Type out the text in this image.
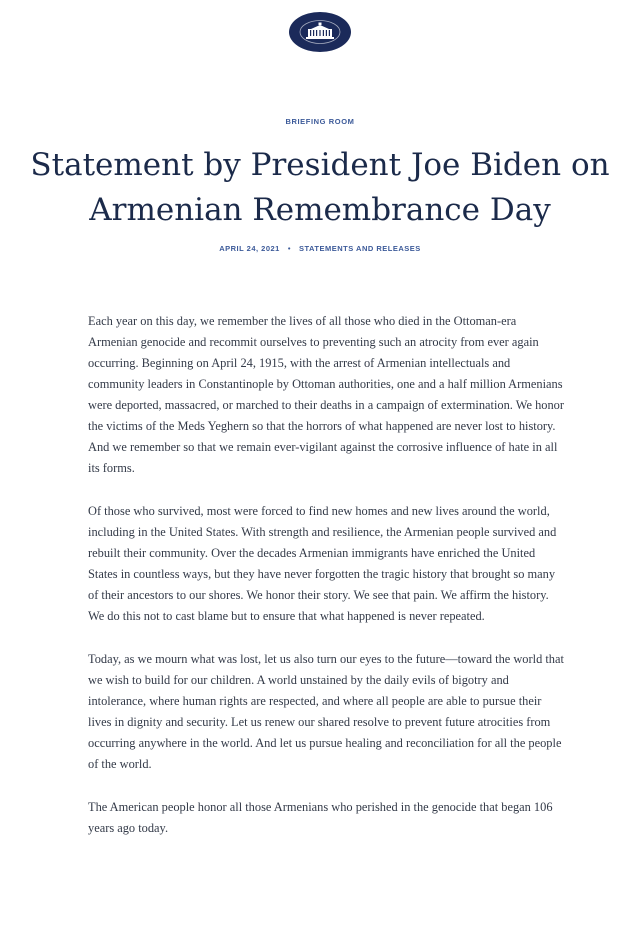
BRIEFING ROOM
Statement by President Joe Biden on
Armenian Remembrance Day
APRIL 24, 2021 • STATEMENTS AND RELEASES

Each year on this day, we remember the lives of all those who died in the Ottoman-era Armenian genocide and recommit ourselves to preventing such an atrocity from ever again occurring. Beginning on April 24, 1915, with the arrest of Armenian intellectuals and community leaders in Constantinople by Ottoman authorities, one and a half million Armenians were deported, massacred, or marched to their deaths in a campaign of extermination. We honor the victims of the Meds Yeghern so that the horrors of what happened are never lost to history. And we remember so that we remain ever-vigilant against the corrosive influence of hate in all its forms.

Of those who survived, most were forced to find new homes and new lives around the world, including in the United States. With strength and resilience, the Armenian people survived and rebuilt their community. Over the decades Armenian immigrants have enriched the United States in countless ways, but they have never forgotten the tragic history that brought so many of their ancestors to our shores. We honor their story. We see that pain. We affirm the history. We do this not to cast blame but to ensure that what happened is never repeated.

Today, as we mourn what was lost, let us also turn our eyes to the future—toward the world that we wish to build for our children. A world unstained by the daily evils of bigotry and intolerance, where human rights are respected, and where all people are able to pursue their lives in dignity and security. Let us renew our shared resolve to prevent future atrocities from occurring anywhere in the world. And let us pursue healing and reconciliation for all the people of the world.

The American people honor all those Armenians who perished in the genocide that began 106 years ago today.
